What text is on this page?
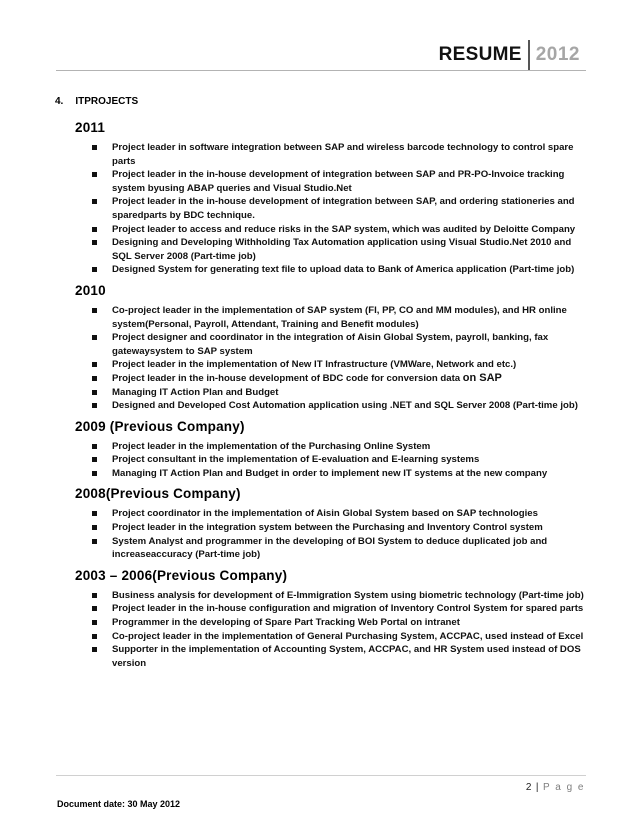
RESUME 2012
4. ITPROJECTS
2011
Project leader in software integration between SAP and wireless barcode technology to control spare parts
Project leader in the in-house development of integration between SAP and PR-PO-Invoice tracking system byusing ABAP queries and Visual Studio.Net
Project leader in the in-house development of integration between SAP, and ordering stationeries and sparedparts by BDC technique.
Project leader to access and reduce risks in the SAP system, which was audited by Deloitte Company
Designing and Developing Withholding Tax Automation application using Visual Studio.Net 2010 and SQL Server 2008 (Part-time job)
Designed System for generating text file to upload data to Bank of America application (Part-time job)
2010
Co-project leader in the implementation of SAP system (FI, PP, CO and MM modules), and HR online system(Personal, Payroll, Attendant, Training and Benefit modules)
Project designer and coordinator in the integration of Aisin Global System, payroll, banking, fax gatewaysystem to SAP system
Project leader in the implementation of New IT Infrastructure (VMWare, Network and etc.)
Project leader in the in-house development of BDC code for conversion data on SAP
Managing IT Action Plan and Budget
Designed and Developed Cost Automation application using .NET and SQL Server 2008 (Part-time job)
2009 (Previous Company)
Project leader in the implementation of the Purchasing Online System
Project consultant in the implementation of E-evaluation and E-learning systems
Managing IT Action Plan and Budget in order to implement new IT systems at the new company
2008(Previous Company)
Project coordinator in the implementation of Aisin Global System based on SAP technologies
Project leader in the integration system between the Purchasing and Inventory Control system
System Analyst and programmer in the developing of BOI System to deduce duplicated job and increaseaccuracy (Part-time job)
2003 – 2006(Previous Company)
Business analysis for development of E-Immigration System using biometric technology (Part-time job)
Project leader in the in-house configuration and migration of Inventory Control System for spared parts
Programmer in the developing of Spare Part Tracking Web Portal on intranet
Co-project leader in the implementation of General Purchasing System, ACCPAC, used instead of Excel
Supporter in the implementation of Accounting System, ACCPAC, and HR System used instead of DOS version
2 | P a g e
Document date: 30 May 2012
